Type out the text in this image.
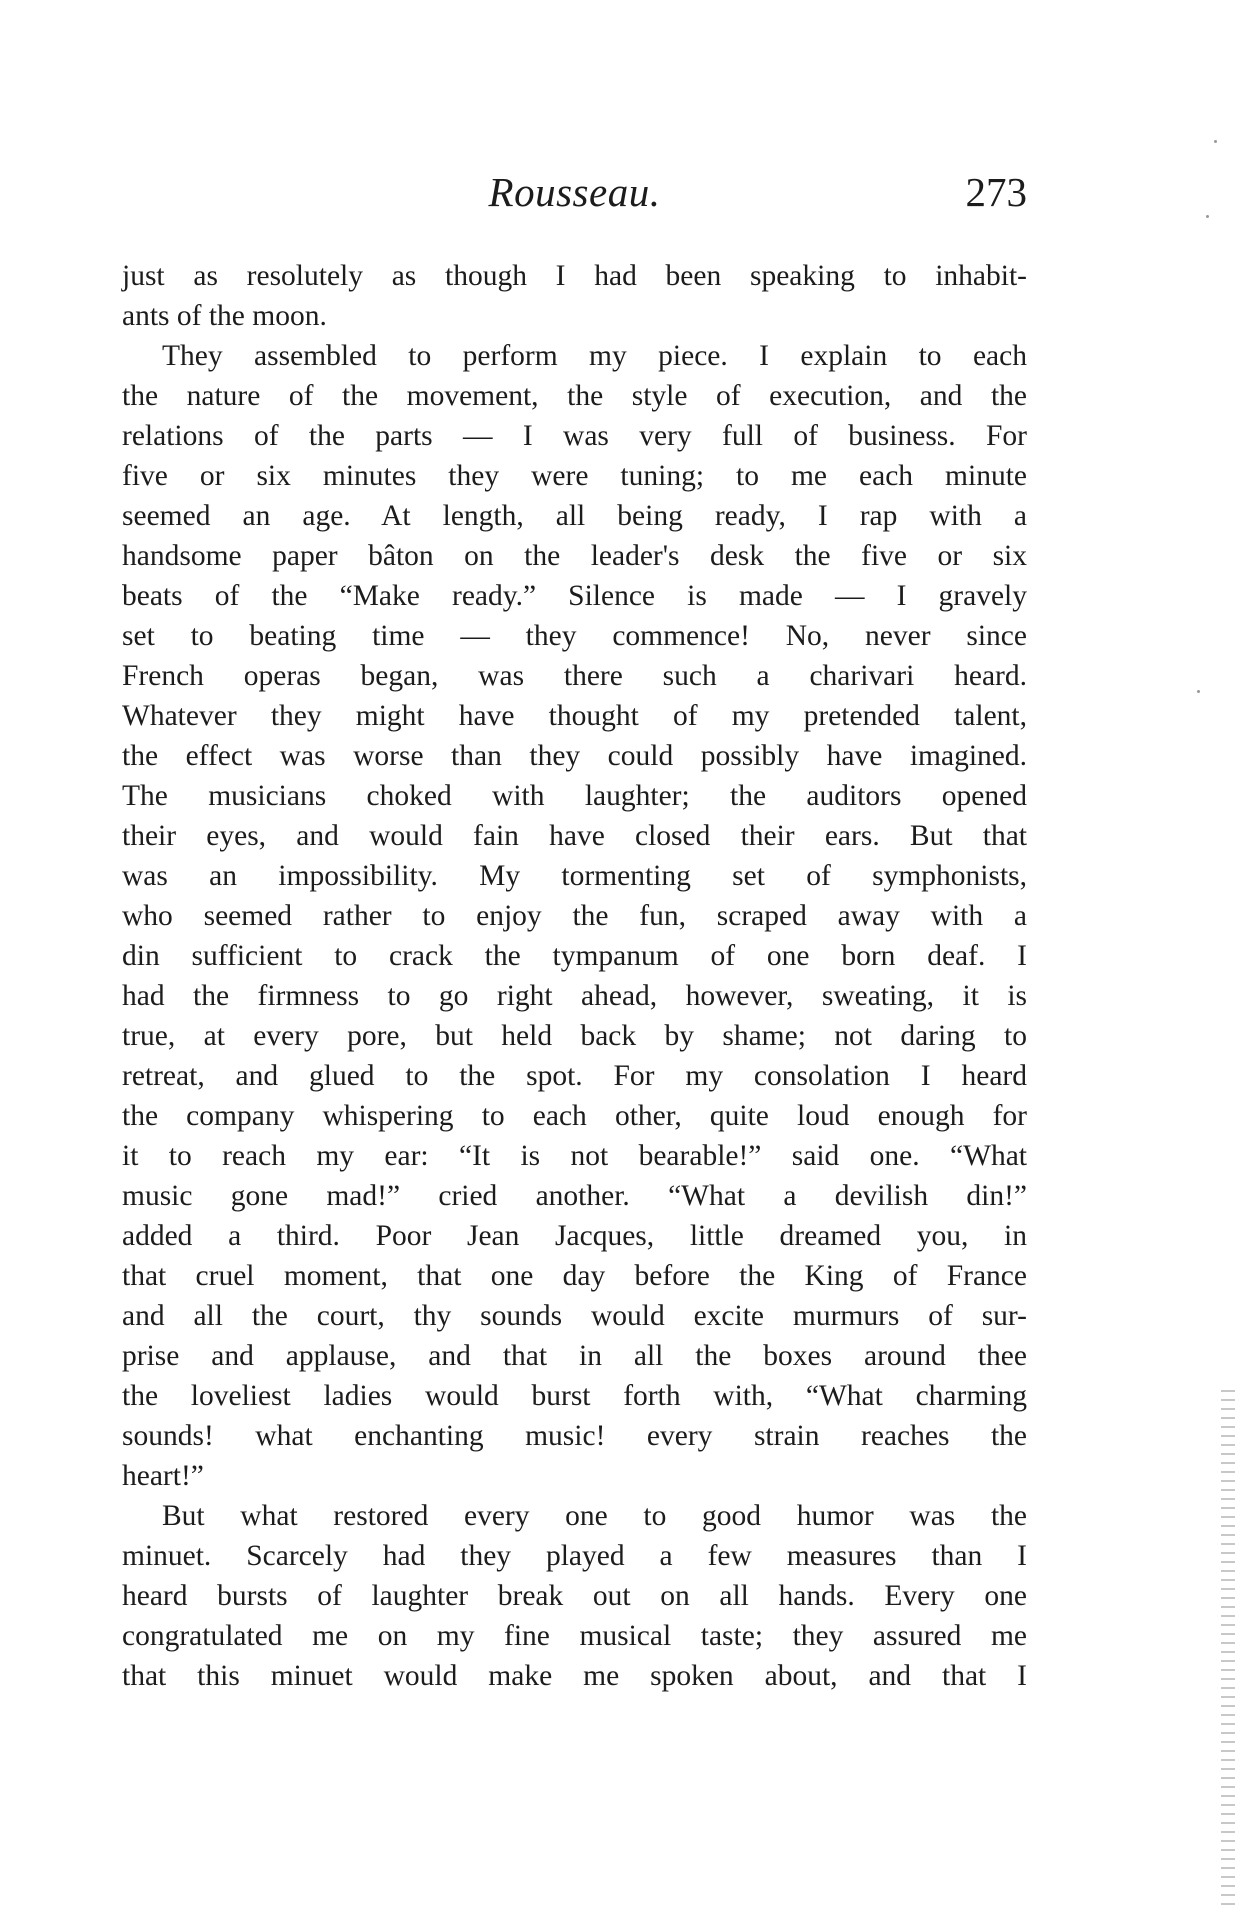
Rousseau.	273
just as resolutely as though I had been speaking to inhabit-
ants of the moon.
They assembled to perform my piece. I explain to each
the nature of the movement, the style of execution, and the
relations of the parts — I was very full of business. For
five or six minutes they were tuning; to me each minute
seemed an age. At length, all being ready, I rap with a
handsome paper bâton on the leader's desk the five or six
beats of the “Make ready.” Silence is made — I gravely
set to beating time — they commence! No, never since
French operas began, was there such a charivari heard.
Whatever they might have thought of my pretended talent,
the effect was worse than they could possibly have imagined.
The musicians choked with laughter; the auditors opened
their eyes, and would fain have closed their ears. But that
was an impossibility. My tormenting set of symphonists,
who seemed rather to enjoy the fun, scraped away with a
din sufficient to crack the tympanum of one born deaf. I
had the firmness to go right ahead, however, sweating, it is
true, at every pore, but held back by shame; not daring to
retreat, and glued to the spot. For my consolation I heard
the company whispering to each other, quite loud enough for
it to reach my ear: “It is not bearable!” said one. “What
music gone mad!” cried another. “What a devilish din!”
added a third. Poor Jean Jacques, little dreamed you, in
that cruel moment, that one day before the King of France
and all the court, thy sounds would excite murmurs of sur-
prise and applause, and that in all the boxes around thee
the loveliest ladies would burst forth with, “What charming
sounds! what enchanting music! every strain reaches the
heart!”
But what restored every one to good humor was the
minuet. Scarcely had they played a few measures than I
heard bursts of laughter break out on all hands. Every one
congratulated me on my fine musical taste; they assured me
that this minuet would make me spoken about, and that I
